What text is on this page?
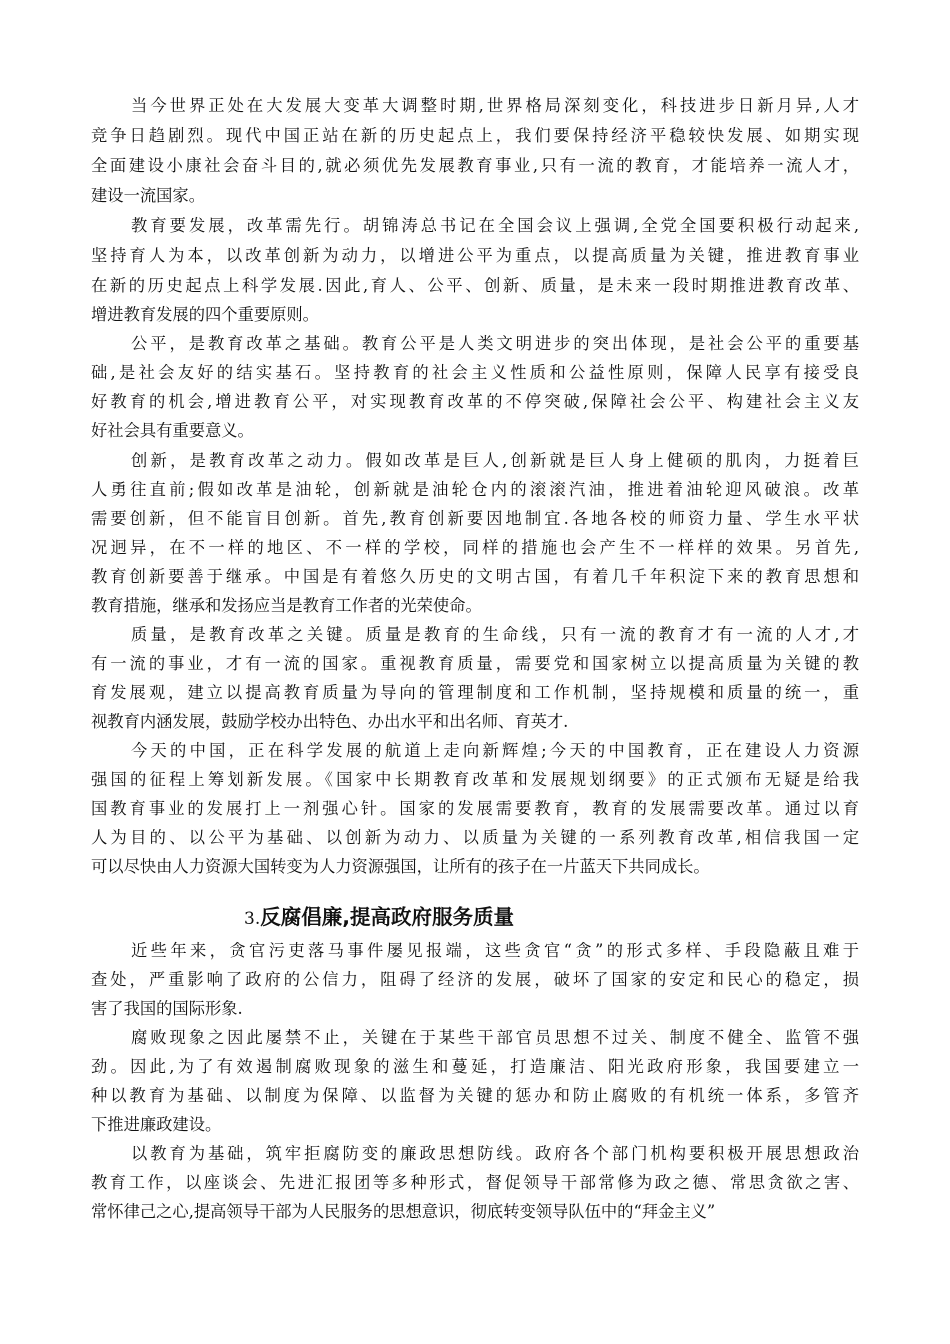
当今世界正处在大发展大变革大调整时期,世界格局深刻变化，科技进步日新月异,人才
竞争日趋剧烈。现代中国正站在新的历史起点上，我们要保持经济平稳较快发展、如期实现
全面建设小康社会奋斗目的,就必须优先发展教育事业,只有一流的教育，才能培养一流人才，
建设一流国家。
教育要发展，改革需先行。胡锦涛总书记在全国会议上强调,全党全国要积极行动起来,
坚持育人为本，以改革创新为动力，以增进公平为重点，以提高质量为关键，推进教育事业
在新的历史起点上科学发展.因此,育人、公平、创新、质量，是未来一段时期推进教育改革、
增进教育发展的四个重要原则。
公平，是教育改革之基础。教育公平是人类文明进步的突出体现，是社会公平的重要基
础,是社会友好的结实基石。坚持教育的社会主义性质和公益性原则，保障人民享有接受良
好教育的机会,增进教育公平，对实现教育改革的不停突破,保障社会公平、构建社会主义友
好社会具有重要意义。
创新，是教育改革之动力。假如改革是巨人,创新就是巨人身上健硕的肌肉，力挺着巨
人勇往直前;假如改革是油轮，创新就是油轮仓内的滚滚汽油，推进着油轮迎风破浪。改革
需要创新，但不能盲目创新。首先,教育创新要因地制宜.各地各校的师资力量、学生水平状
况迥异，在不一样的地区、不一样的学校，同样的措施也会产生不一样样的效果。另首先,
教育创新要善于继承。中国是有着悠久历史的文明古国，有着几千年积淀下来的教育思想和
教育措施，继承和发扬应当是教育工作者的光荣使命。
质量，是教育改革之关键。质量是教育的生命线，只有一流的教育才有一流的人才,才
有一流的事业，才有一流的国家。重视教育质量，需要党和国家树立以提高质量为关键的教
育发展观，建立以提高教育质量为导向的管理制度和工作机制，坚持规模和质量的统一，重
视教育内涵发展，鼓励学校办出特色、办出水平和出名师、育英才.
今天的中国，正在科学发展的航道上走向新辉煌;今天的中国教育，正在建设人力资源
强国的征程上筹划新发展。《国家中长期教育改革和发展规划纲要》的正式颁布无疑是给我
国教育事业的发展打上一剂强心针。国家的发展需要教育，教育的发展需要改革。通过以育
人为目的、以公平为基础、以创新为动力、以质量为关键的一系列教育改革,相信我国一定
可以尽快由人力资源大国转变为人力资源强国，让所有的孩子在一片蓝天下共同成长。
3.反腐倡廉,提高政府服务质量
近些年来，贪官污吏落马事件屡见报端，这些贪官“贪”的形式多样、手段隐蔽且难于
查处，严重影响了政府的公信力，阻碍了经济的发展，破坏了国家的安定和民心的稳定，损
害了我国的国际形象.
腐败现象之因此屡禁不止，关键在于某些干部官员思想不过关、制度不健全、监管不强
劲。因此,为了有效遏制腐败现象的滋生和蔓延，打造廉洁、阳光政府形象，我国要建立一
种以教育为基础、以制度为保障、以监督为关键的惩办和防止腐败的有机统一体系，多管齐
下推进廉政建设。
以教育为基础，筑牢拒腐防变的廉政思想防线。政府各个部门机构要积极开展思想政治
教育工作，以座谈会、先进汇报团等多种形式，督促领导干部常修为政之德、常思贪欲之害、
常怀律己之心,提高领导干部为人民服务的思想意识，彻底转变领导队伍中的“拜金主义”
